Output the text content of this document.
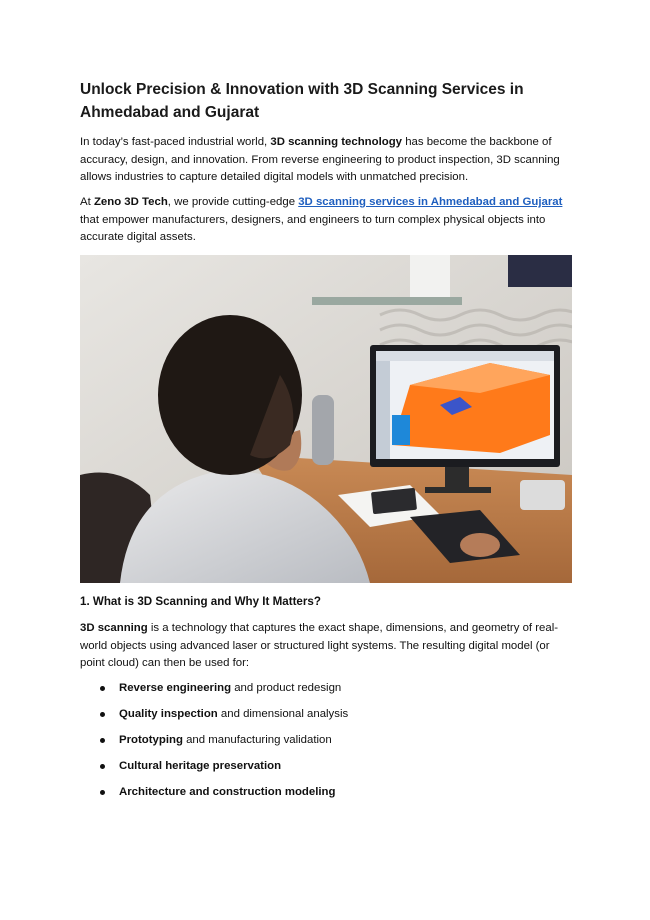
Unlock Precision & Innovation with 3D Scanning Services in Ahmedabad and Gujarat

In today’s fast-paced industrial world, 3D scanning technology has become the backbone of accuracy, design, and innovation. From reverse engineering to product inspection, 3D scanning allows industries to capture detailed digital models with unmatched precision.

At Zeno 3D Tech, we provide cutting-edge 3D scanning services in Ahmedabad and Gujarat that empower manufacturers, designers, and engineers to turn complex physical objects into accurate digital assets.

1. What is 3D Scanning and Why It Matters?

3D scanning is a technology that captures the exact shape, dimensions, and geometry of real-world objects using advanced laser or structured light systems. The resulting digital model (or point cloud) can then be used for:

Reverse engineering and product redesign
Quality inspection and dimensional analysis
Prototyping and manufacturing validation
Cultural heritage preservation
Architecture and construction modeling
